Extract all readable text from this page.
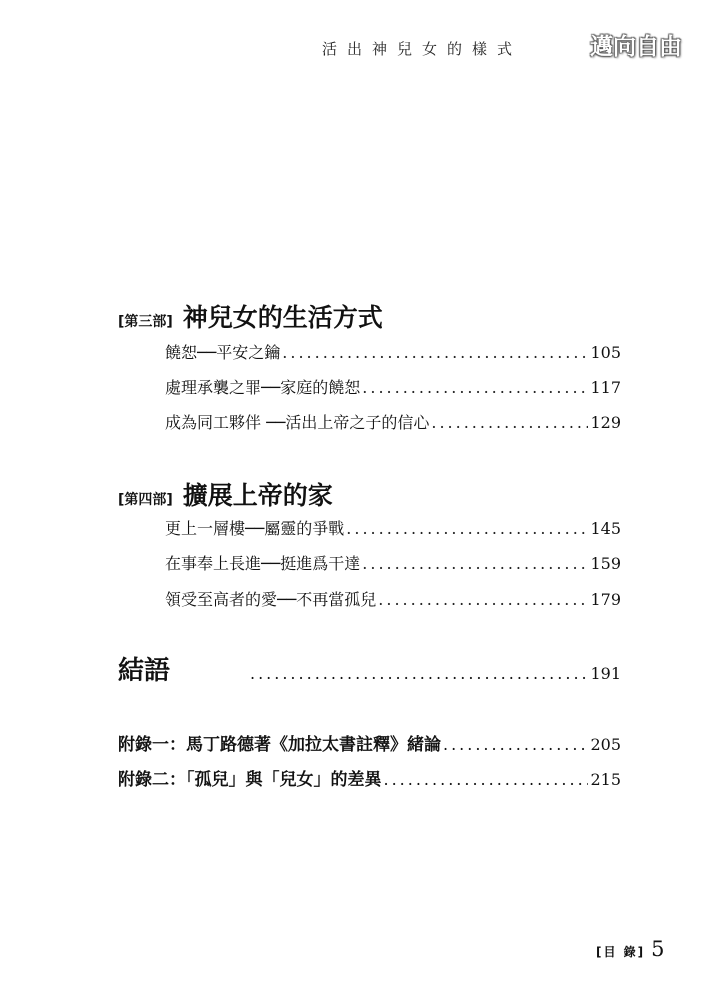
活出神兒女的樣式	邁向自由
[第三部] 神兒女的生活方式
饒恕──平安之鑰 .....	105
處理承襲之罪──家庭的饒恕 .....	117
成為同工夥伴 ──活出上帝之子的信心 .....	129
[第四部] 擴展上帝的家
更上一層樓──屬靈的爭戰 .....	145
在事奉上長進──挺進爲干達 .....	159
領受至高者的愛──不再當孤兒 .....	179
結語 .....	191
附錄一：馬丁路德著《加拉太書註釋》緒論 .....	205
附錄二：「孤兒」與「兒女」的差異 .....	215
[目 錄] 5
